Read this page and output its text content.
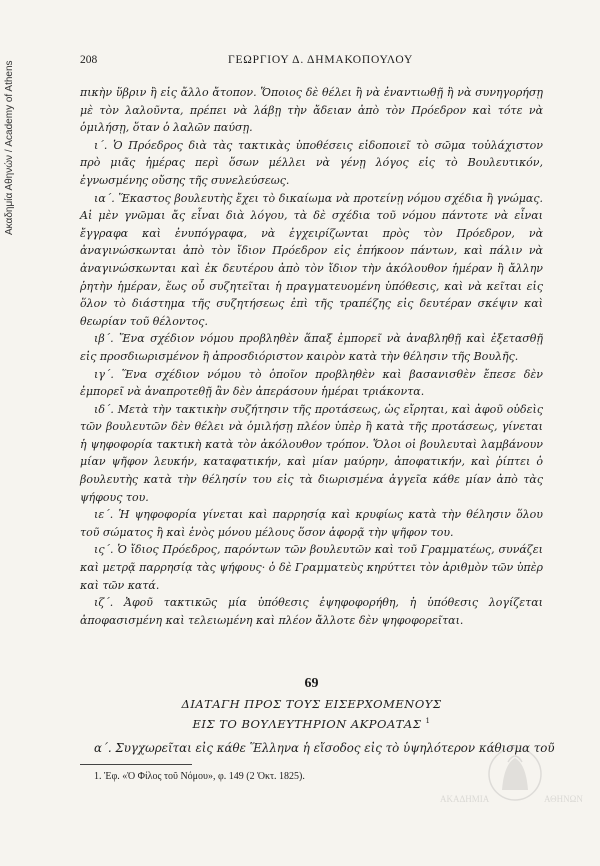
Ακαδημία Αθηνών / Academy of Athens
208	ΓΕΩΡΓΙΟΥ Δ. ΔΗΜΑΚΟΠΟΥΛΟΥ

πικὴν ὕβριν ἢ εἰς ἄλλο ἄτοπον. Ὅποιος δὲ θέλει ἢ νὰ ἐναντιωθῇ ἢ νὰ συνηγορήσῃ μὲ τὸν λαλοῦντα, πρέπει νὰ λάβῃ τὴν ἄδειαν ἀπὸ τὸν Πρόεδρον καὶ τότε νὰ ὁμιλήσῃ, ὅταν ὁ λαλῶν παύσῃ.

ι΄. Ὁ Πρόεδρος διὰ τὰς τακτικὰς ὑποθέσεις εἰδοποιεῖ τὸ σῶμα τοὐλάχιστον πρὸ μιᾶς ἡμέρας περὶ ὅσων μέλλει νὰ γένῃ λόγος εἰς τὸ Βουλευτικόν, ἐγνωσμένης οὔσης τῆς συνελεύσεως.

ια΄. Ἕκαστος βουλευτὴς ἔχει τὸ δικαίωμα νὰ προτείνῃ νόμου σχέδια ἢ γνώμας. Αἱ μὲν γνῶμαι ἄς εἶναι διὰ λόγου, τὰ δὲ σχέδια τοῦ νόμου πάντοτε νὰ εἶναι ἔγγραφα καὶ ἐνυπόγραφα, νὰ ἐγχειρίζωνται πρὸς τὸν Πρόεδρον, νὰ ἀναγινώσκωνται ἀπὸ τὸν ἴδιον Πρόεδρον εἰς ἐπήκοον πάντων, καὶ πάλιν νὰ ἀναγινώσκωνται καὶ ἐκ δευτέρου ἀπὸ τὸν ἴδιον τὴν ἀκόλουθον ἡμέραν ἢ ἄλλην ῥητὴν ἡμέραν, ἕως οὗ συζητεῖται ἡ πραγματευομένη ὑπόθεσις, καὶ νὰ κεῖται εἰς ὅλον τὸ διάστημα τῆς συζητήσεως ἐπὶ τῆς τραπέζης εἰς δευτέραν σκέψιν καὶ θεωρίαν τοῦ θέλοντος.

ιβ΄. Ἕνα σχέδιον νόμου προβληθὲν ἅπαξ ἐμπορεῖ νὰ ἀναβληθῇ καὶ ἐξετασθῇ εἰς προσδιωρισμένον ἢ ἀπροσδιόριστον καιρὸν κατὰ τὴν θέλησιν τῆς Βουλῆς.

ιγ΄. Ἕνα σχέδιον νόμου τὸ ὁποῖον προβληθὲν καὶ βασανισθὲν ἔπεσε δὲν ἐμπορεῖ νὰ ἀναπροτεθῇ ἂν δὲν ἀπεράσουν ἡμέραι τριάκοντα.

ιδ΄. Μετὰ τὴν τακτικὴν συζήτησιν τῆς προτάσεως, ὡς εἴρηται, καὶ ἀφοῦ οὐδεὶς τῶν βουλευτῶν δὲν θέλει νὰ ὁμιλήσῃ πλέον ὑπὲρ ἢ κατὰ τῆς προτάσεως, γίνεται ἡ ψηφοφορία τακτικὴ κατὰ τὸν ἀκόλουθον τρόπον. Ὅλοι οἱ βουλευταὶ λαμβάνουν μίαν ψῆφον λευκήν, καταφατικήν, καὶ μίαν μαύρην, ἀποφατικήν, καὶ ῥίπτει ὁ βουλευτὴς κατὰ τὴν θέλησίν του εἰς τὰ διωρισμένα ἀγγεῖα κάθε μίαν ἀπὸ τὰς ψήφους του.

ιε΄. Ἡ ψηφοφορία γίνεται καὶ παρρησίᾳ καὶ κρυφίως κατὰ τὴν θέλησιν ὅλου τοῦ σώματος ἢ καὶ ἑνὸς μόνου μέλους ὅσον ἀφορᾷ τὴν ψῆφον του.

ις΄. Ὁ ἴδιος Πρόεδρος, παρόντων τῶν βουλευτῶν καὶ τοῦ Γραμματέως, συνάζει καὶ μετρᾷ παρρησίᾳ τὰς ψήφους· ὁ δὲ Γραμματεὺς κηρύττει τὸν ἀριθμὸν τῶν ὑπὲρ καὶ τῶν κατά.

ιζ΄. Ἀφοῦ τακτικῶς μία ὑπόθεσις ἐψηφοφορήθη, ἡ ὑπόθεσις λογίζεται ἀποφασισμένη καὶ τελειωμένη καὶ πλέον ἄλλοτε δὲν ψηφοφορεῖται.

69
ΔΙΑΤΑΓΗ ΠΡΟΣ ΤΟΥΣ ΕΙΣΕΡΧΟΜΕΝΟΥΣ
ΕΙΣ ΤΟ ΒΟΥΛΕΥΤΗΡΙΟΝ ΑΚΡΟΑΤΑΣ $^1$
α΄. Συγχωρεῖται εἰς κάθε Ἕλληνα ἡ εἴσοδος εἰς τὸ ὑψηλότερον κάθισμα τοῦ
1. Ἐφ. «Ὁ Φίλος τοῦ Νόμου», φ. 149 (2 Ὀκτ. 1825).
ΑΚΑΔΗΜΙΑ	ΑΘΗΝΩΝ
